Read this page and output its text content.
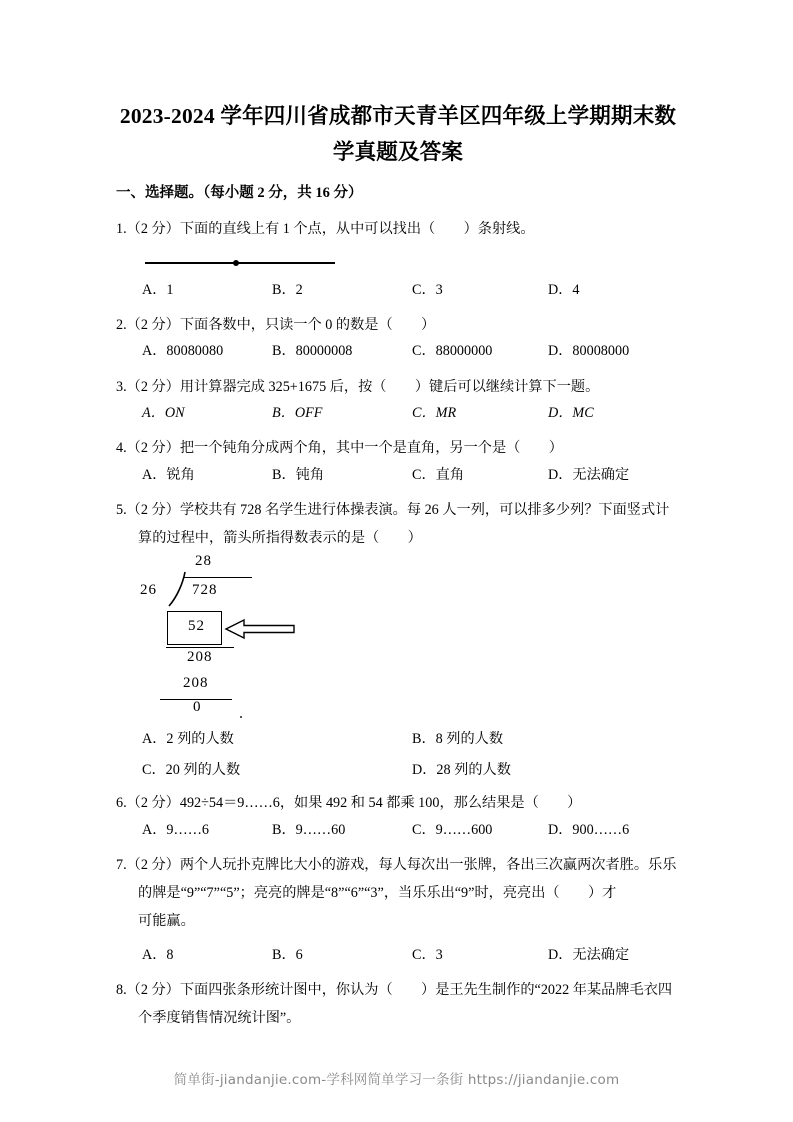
2023-2024 学年四川省成都市天青羊区四年级上学期期末数
学真题及答案
一、选择题。（每小题 2 分，共 16 分）
1.（2 分）下面的直线上有 1 个点，从中可以找出（　　）条射线。
A．1	B．2	C．3	D．4
2.（2 分）下面各数中，只读一个 0 的数是（　　）
A．80080080	B．80000008	C．88000000	D．80008000
3.（2 分）用计算器完成 325+1675 后，按（　　）键后可以继续计算下一题。
A．ON	B．OFF	C．MR	D．MC
4.（2 分）把一个钝角分成两个角，其中一个是直角，另一个是（　　）
A．锐角	B．钝角	C．直角	D．无法确定
5.（2 分）学校共有 728 名学生进行体操表演。每 26 人一列，可以排多少列？下面竖式计
算的过程中，箭头所指得数表示的是（　　）
28
26 728
52
208
208
0
A．2 列的人数	B．8 列的人数
C．20 列的人数	D．28 列的人数
6.（2 分）492÷54＝9……6，如果 492 和 54 都乘 100，那么结果是（　　）
A．9……6	B．9……60	C．9……600	D．900……6
7.（2 分）两个人玩扑克牌比大小的游戏，每人每次出一张牌，各出三次赢两次者胜。乐乐
的牌是“9”“7”“5”；亮亮的牌是“8”“6”“3”，当乐乐出“9”时，亮亮出（　　）才
可能赢。
A．8	B．6	C．3	D．无法确定
8.（2 分）下面四张条形统计图中，你认为（　　）是王先生制作的“2022 年某品牌毛衣四
个季度销售情况统计图”。
简单街-jiandanjie.com-学科网简单学习一条街 https://jiandanjie.com
